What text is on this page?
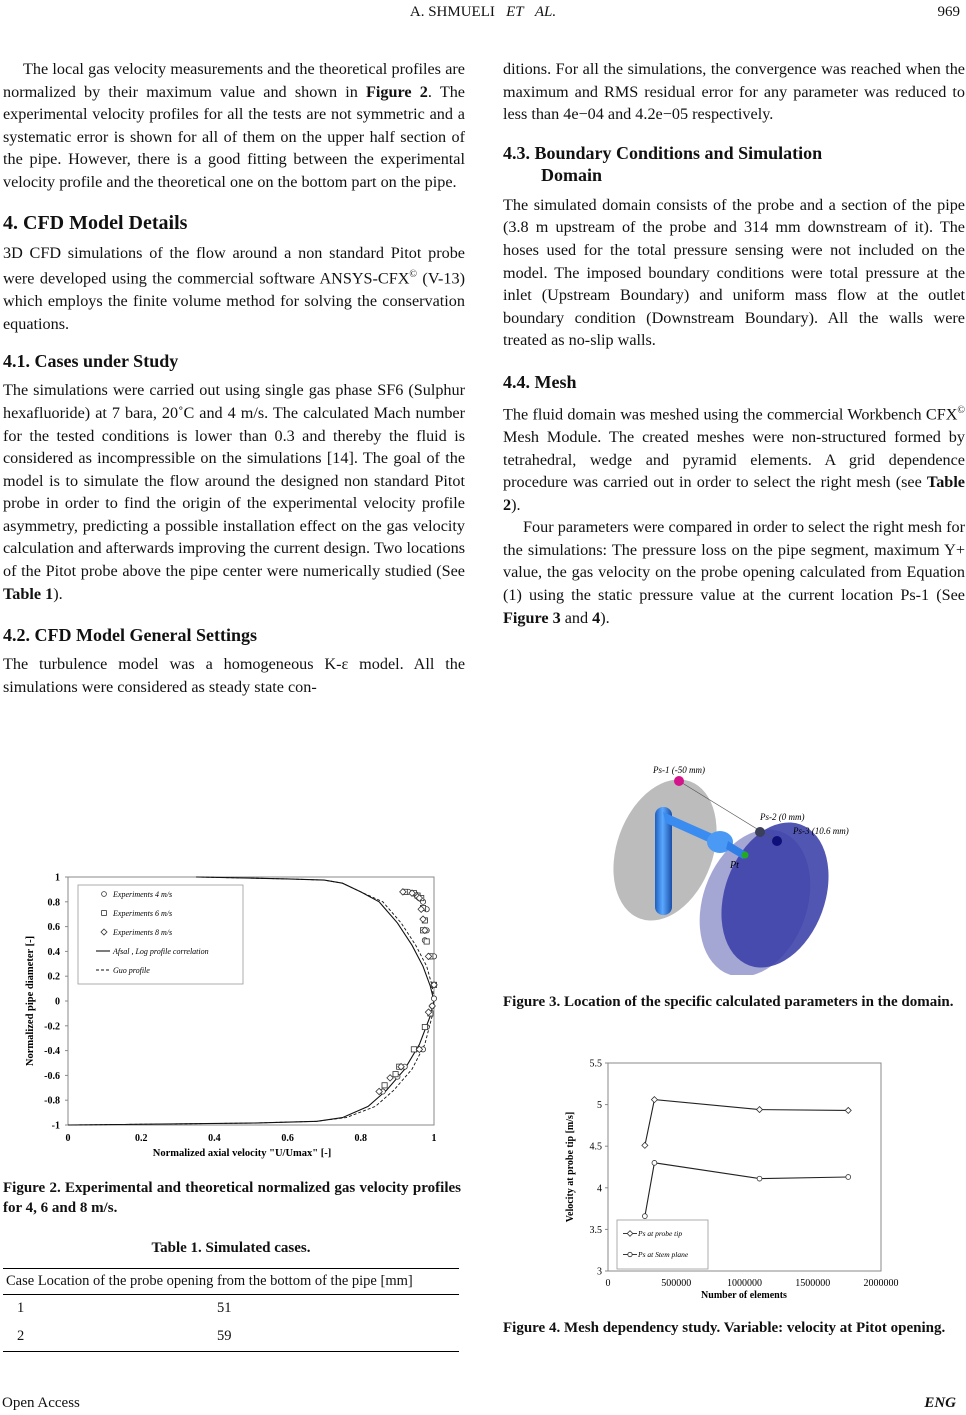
A. SHMUELI ET AL.	969

The local gas velocity measurements and the theoretical profiles are normalized by their maximum value and shown in Figure 2. The experimental velocity profiles for all the tests are not symmetric and a systematic error is shown for all of them on the upper half section of the pipe. However, there is a good fitting between the experimental velocity profile and the theoretical one on the bottom part on the pipe.

4. CFD Model Details

3D CFD simulations of the flow around a non standard Pitot probe were developed using the commercial software ANSYS-CFX© (V-13) which employs the finite volume method for solving the conservation equations.

4.1. Cases under Study

The simulations were carried out using single gas phase SF6 (Sulphur hexafluoride) at 7 bara, 20˚C and 4 m/s. The calculated Mach number for the tested conditions is lower than 0.3 and thereby the fluid is considered as incompressible on the simulations [14]. The goal of the model is to simulate the flow around the designed non standard Pitot probe in order to find the origin of the experimental velocity profile asymmetry, predicting a possible installation effect on the gas velocity calculation and afterwards improving the current design. Two locations of the Pitot probe above the pipe center were numerically studied (See Table 1).

4.2. CFD Model General Settings

The turbulence model was a homogeneous K-ε model. All the simulations were considered as steady state con-

1
0.8
0.6
0.4
0.2
0
-0.2
-0.4
-0.6
-0.8
-1
0	0.2	0.4	0.6	0.8	1
Experiments 4 m/s
Experiments 6 m/s
Experiments 8 m/s
Afsal , Log profile correlation
Guo profile
Normalized axial velocity "U/Umax" [-]
Normalized pipe diameter [-]
Figure 2. Experimental and theoretical normalized gas velocity profiles for 4, 6 and 8 m/s.
Table 1. Simulated cases.
Case Location of the probe opening from the bottom of the pipe [mm]
1	51
2	59

ditions. For all the simulations, the convergence was reached when the maximum and RMS residual error for any parameter was reduced to less than 4e−04 and 4.2e−05 respectively.

4.3. Boundary Conditions and Simulation
Domain

The simulated domain consists of the probe and a section of the pipe (3.8 m upstream of the probe and 314 mm downstream of it). The hoses used for the total pressure sensing were not included on the model. The imposed boundary conditions were total pressure at the inlet (Upstream Boundary) and uniform mass flow at the outlet boundary condition (Downstream Boundary). All the walls were treated as no-slip walls.

4.4. Mesh

The fluid domain was meshed using the commercial Workbench CFX© Mesh Module. The created meshes were non-structured formed by tetrahedral, wedge and pyramid elements. A grid dependence procedure was carried out in order to select the right mesh (see Table 2).

Four parameters were compared in order to select the right mesh for the simulations: The pressure loss on the pipe segment, maximum Y+ value, the gas velocity on the probe opening calculated from Equation (1) using the static pressure value at the current location Ps-1 (See Figure 3 and 4).

Ps-1 (-50 mm)
Ps-2 (0 mm)
Ps-3 (10.6 mm)
Pt
Figure 3. Location of the specific calculated parameters in the domain.
5.5
5
4.5
4
3.5
3
0	500000	1000000	1500000	2000000
Ps at probe tip
Ps at Stem plane
Number of elements
Velocity at probe tip [m/s]
Figure 4. Mesh dependency study. Variable: velocity at Pitot opening.
Open Access	ENG
